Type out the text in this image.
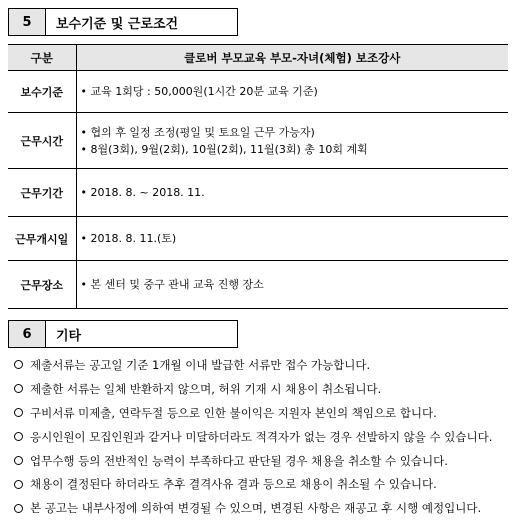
5	보수기준 및 근로조건
구분	클로버 부모교육 부모-자녀(체험) 보조강사
보수기준	• 교육 1회당 : 50,000원(1시간 20분 교육 기준)

근무시간	• 협의 후 일정 조정(평일 및 토요일 근무 가능자)
• 8월(3회), 9월(2회), 10월(2회), 11월(3회) 총 10회 계획

근무기간	• 2018. 8. ~ 2018. 11.

근무개시일	• 2018. 8. 11.(토)

근무장소	• 본 센터 및 중구 관내 교육 진행 장소
6	기타
제출서류는 공고일 기준 1개월 이내 발급한 서류만 접수 가능합니다.
제출한 서류는 일체 반환하지 않으며, 허위 기재 시 채용이 취소됩니다.
구비서류 미제출, 연락두절 등으로 인한 불이익은 지원자 본인의 책임으로 합니다.
응시인원이 모집인원과 같거나 미달하더라도 적격자가 없는 경우 선발하지 않을 수 있습니다.
업무수행 등의 전반적인 능력이 부족하다고 판단될 경우 채용을 취소할 수 있습니다.
채용이 결정된다 하더라도 추후 결격사유 결과 등으로 채용이 취소될 수 있습니다.
본 공고는 내부사정에 의하여 변경될 수 있으며, 변경된 사항은 재공고 후 시행 예정입니다.
